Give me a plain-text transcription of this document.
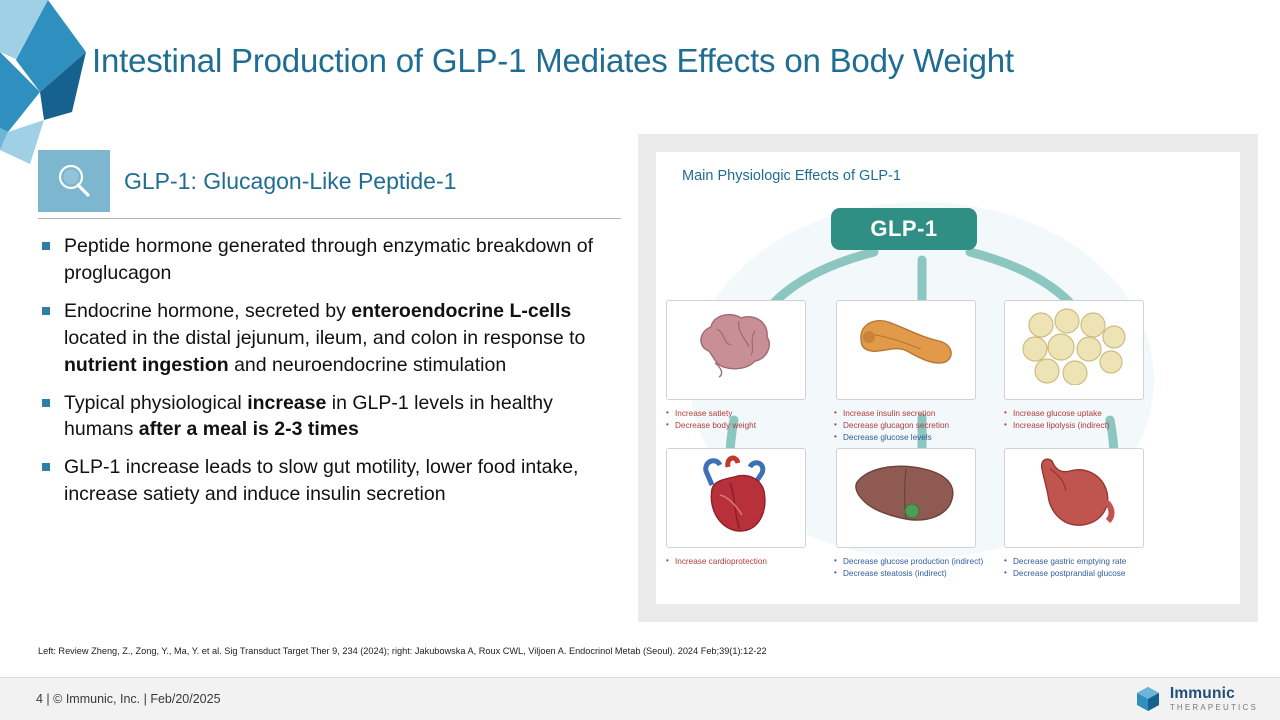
Intestinal Production of GLP-1 Mediates Effects on Body Weight
GLP-1: Glucagon-Like Peptide-1
Peptide hormone generated through enzymatic breakdown of proglucagon
Endocrine hormone, secreted by enteroendocrine L-cells located in the distal jejunum, ileum, and colon in response to nutrient ingestion and neuroendocrine stimulation
Typical physiological increase in GLP-1 levels in healthy humans after a meal is 2-3 times
GLP-1 increase leads to slow gut motility, lower food intake, increase satiety and induce insulin secretion
Main Physiologic Effects of GLP-1
GLP-1
• Increase satiety
• Decrease body weight
• Increase insulin secretion
• Decrease glucagon secretion
• Decrease glucose levels
• Increase glucose uptake
• Increase lipolysis (indirect)
• Increase cardioprotection	• Decrease glucose production (indirect)
• Decrease steatosis (indirect)
• Decrease gastric emptying rate
• Decrease postprandial glucose
Left: Review Zheng, Z., Zong, Y., Ma, Y. et al. Sig Transduct Target Ther 9, 234 (2024); right: Jakubowska A, Roux CWL, Viljoen A. Endocrinol Metab (Seoul). 2024 Feb;39(1):12-22
4 | © Immunic, Inc. | Feb/20/2025	Immunic
THERAPEUTICS
